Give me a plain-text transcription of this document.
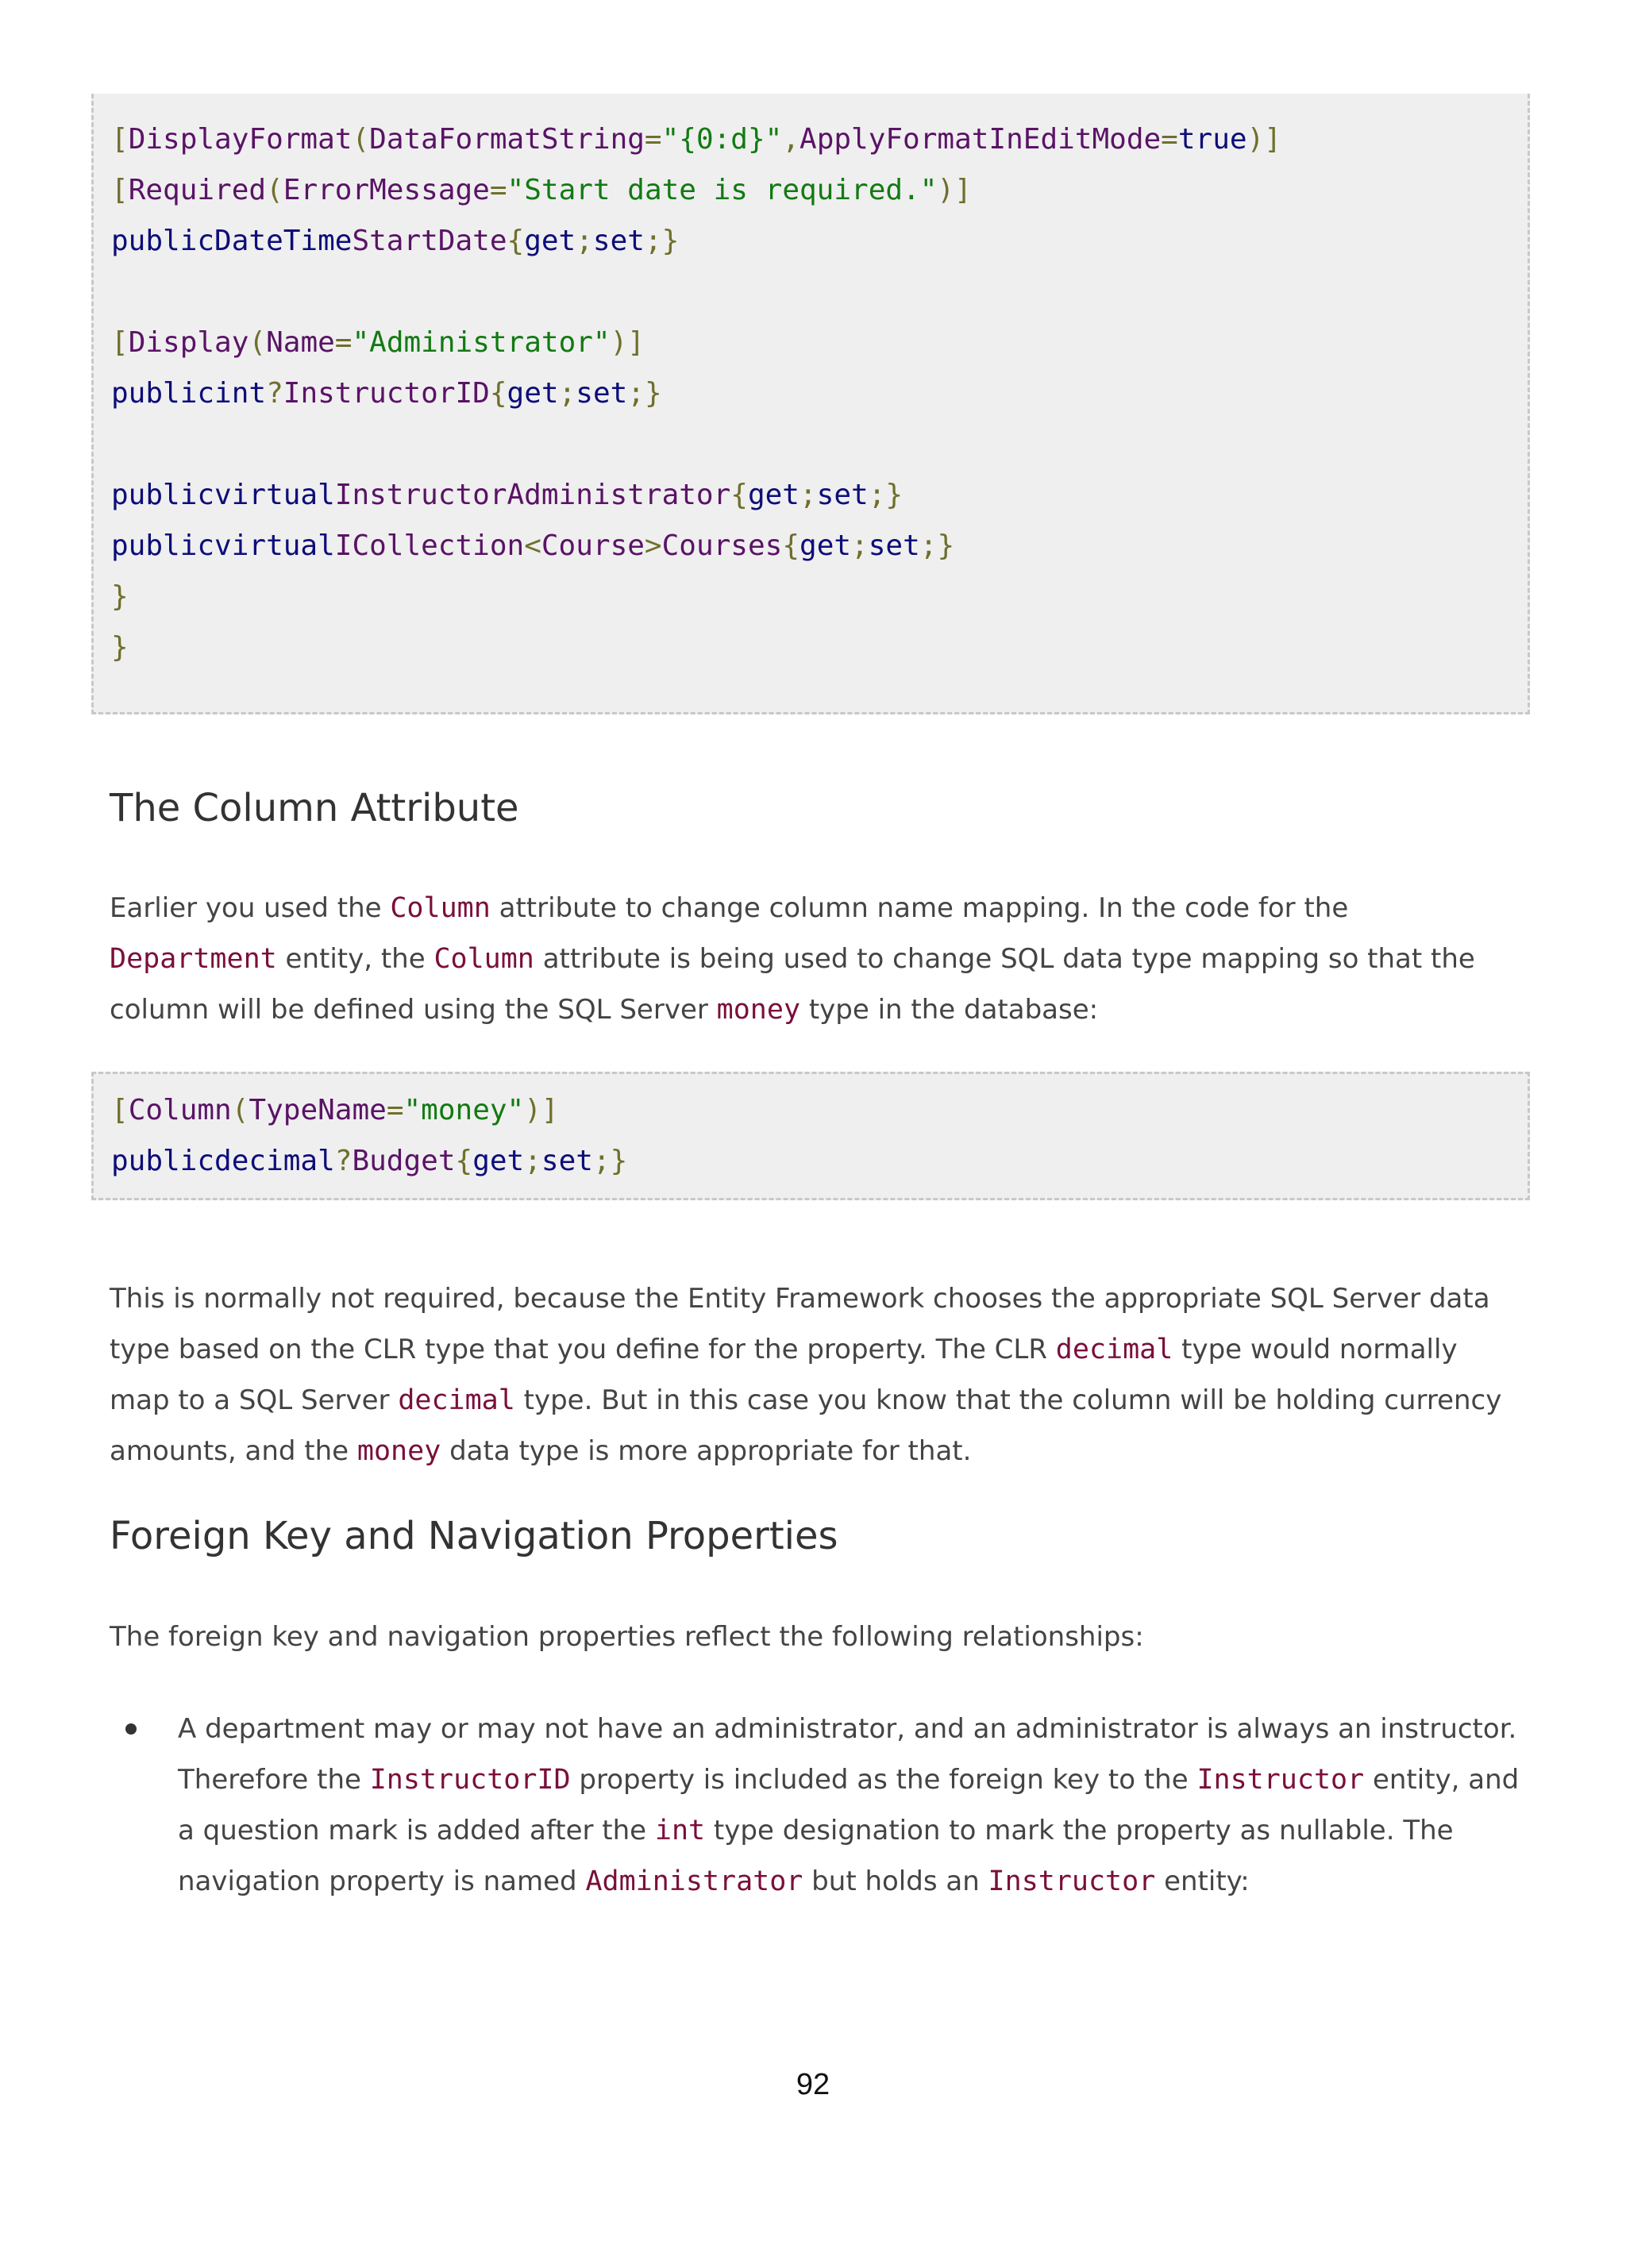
[DisplayFormat(DataFormatString="{0:d}",ApplyFormatInEditMode=true)]
[Required(ErrorMessage="Start date is required.")]
publicDateTimeStartDate{get;set;}
[Display(Name="Administrator")]
publicint?InstructorID{get;set;}
publicvirtualInstructorAdministrator{get;set;}
publicvirtualICollection<Course>Courses{get;set;}
}
}
The Column Attribute

Earlier you used the Column attribute to change column name mapping. In the code for the Department entity, the Column attribute is being used to change SQL data type mapping so that the column will be defined using the SQL Server money type in the database:

[Column(TypeName="money")]
publicdecimal?Budget{get;set;}

This is normally not required, because the Entity Framework chooses the appropriate SQL Server data type based on the CLR type that you define for the property. The CLR decimal type would normally map to a SQL Server decimal type. But in this case you know that the column will be holding currency amounts, and the money data type is more appropriate for that.

Foreign Key and Navigation Properties

The foreign key and navigation properties reflect the following relationships:

A department may or may not have an administrator, and an administrator is always an instructor. Therefore the InstructorID property is included as the foreign key to the Instructor entity, and a question mark is added after the int type designation to mark the property as nullable. The navigation property is named Administrator but holds an Instructor entity:
92
